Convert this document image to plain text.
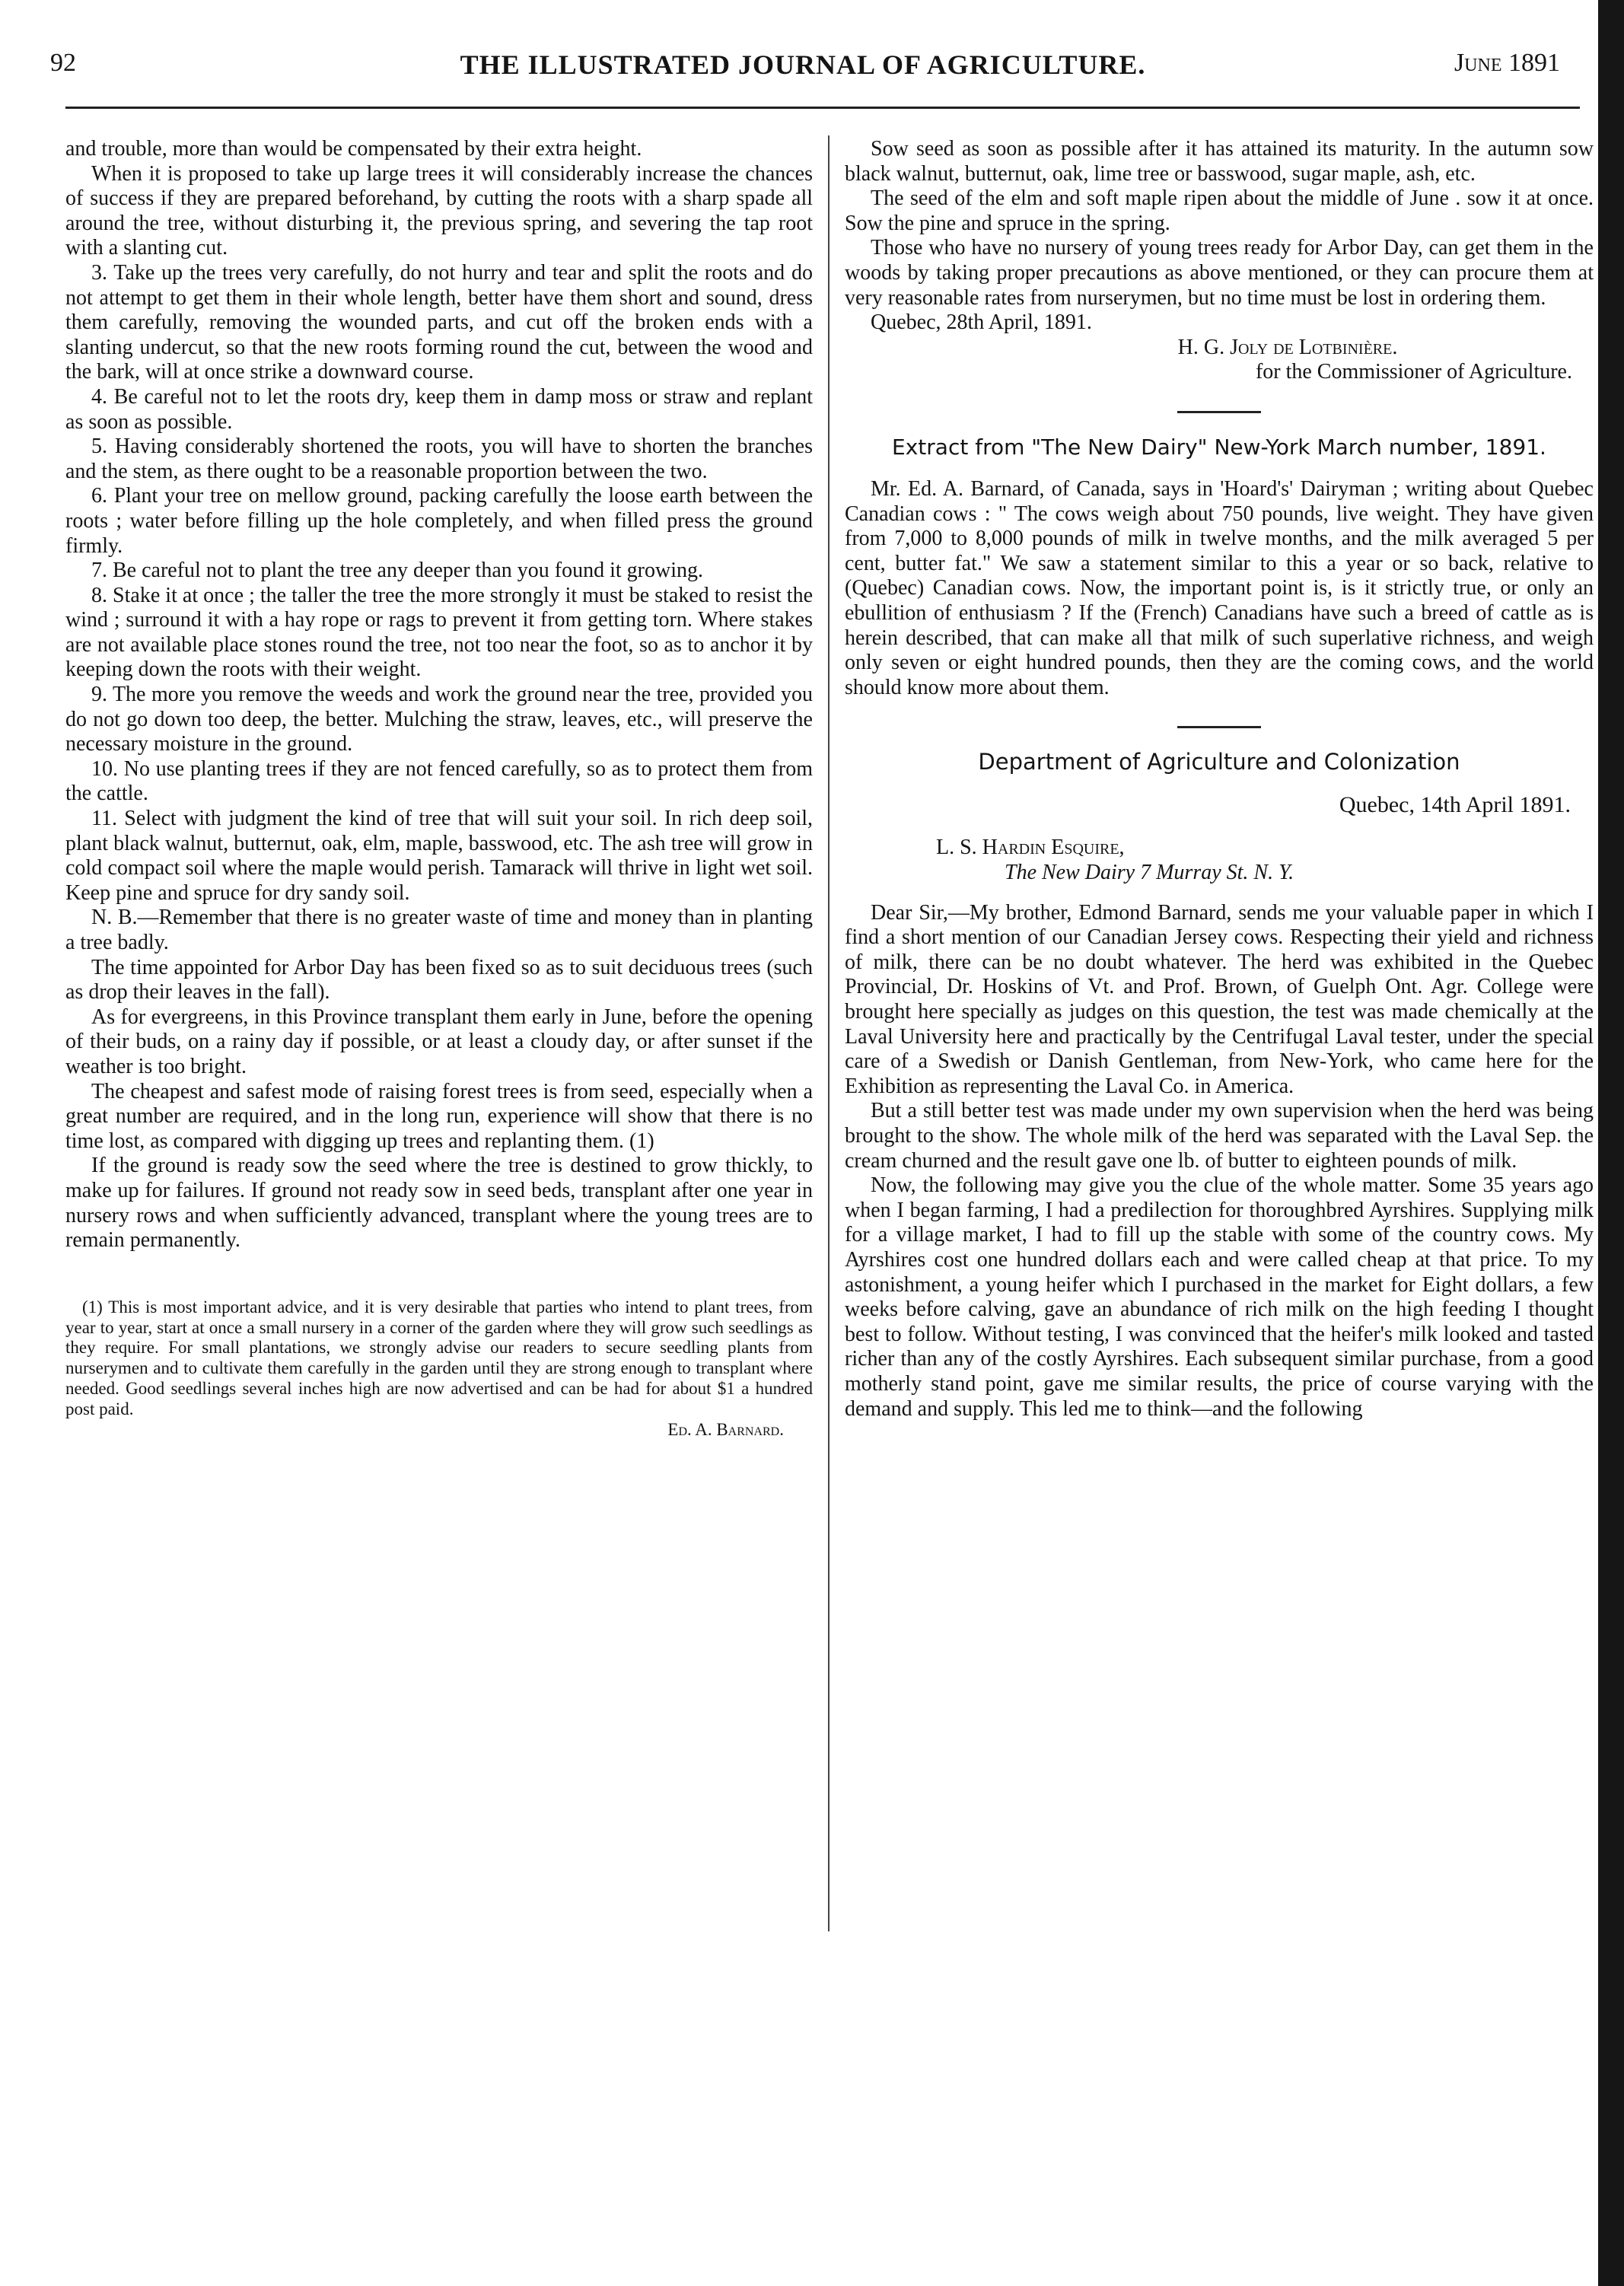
92	THE ILLUSTRATED JOURNAL OF AGRICULTURE.	June 1891

and trouble, more than would be compensated by their extra height.

When it is proposed to take up large trees it will considerably increase the chances of success if they are prepared beforehand, by cutting the roots with a sharp spade all around the tree, without disturbing it, the previous spring, and severing the tap root with a slanting cut.

3. Take up the trees very carefully, do not hurry and tear and split the roots and do not attempt to get them in their whole length, better have them short and sound, dress them carefully, removing the wounded parts, and cut off the broken ends with a slanting undercut, so that the new roots forming round the cut, between the wood and the bark, will at once strike a downward course.

4. Be careful not to let the roots dry, keep them in damp moss or straw and replant as soon as possible.

5. Having considerably shortened the roots, you will have to shorten the branches and the stem, as there ought to be a reasonable proportion between the two.

6. Plant your tree on mellow ground, packing carefully the loose earth between the roots ; water before filling up the hole completely, and when filled press the ground firmly.

7. Be careful not to plant the tree any deeper than you found it growing.

8. Stake it at once ; the taller the tree the more strongly it must be staked to resist the wind ; surround it with a hay rope or rags to prevent it from getting torn. Where stakes are not available place stones round the tree, not too near the foot, so as to anchor it by keeping down the roots with their weight.

9. The more you remove the weeds and work the ground near the tree, provided you do not go down too deep, the better. Mulching the straw, leaves, etc., will preserve the necessary moisture in the ground.

10. No use planting trees if they are not fenced carefully, so as to protect them from the cattle.

11. Select with judgment the kind of tree that will suit your soil. In rich deep soil, plant black walnut, butternut, oak, elm, maple, basswood, etc. The ash tree will grow in cold compact soil where the maple would perish. Tamarack will thrive in light wet soil. Keep pine and spruce for dry sandy soil.

N. B.—Remember that there is no greater waste of time and money than in planting a tree badly.

The time appointed for Arbor Day has been fixed so as to suit deciduous trees (such as drop their leaves in the fall).

As for evergreens, in this Province transplant them early in June, before the opening of their buds, on a rainy day if possible, or at least a cloudy day, or after sunset if the weather is too bright.

The cheapest and safest mode of raising forest trees is from seed, especially when a great number are required, and in the long run, experience will show that there is no time lost, as compared with digging up trees and replanting them. (1)

If the ground is ready sow the seed where the tree is destined to grow thickly, to make up for failures. If ground not ready sow in seed beds, transplant after one year in nursery rows and when sufficiently advanced, transplant where the young trees are to remain permanently.

(1) This is most important advice, and it is very desirable that parties who intend to plant trees, from year to year, start at once a small nursery in a corner of the garden where they will grow such seedlings as they require. For small plantations, we strongly advise our readers to secure seedling plants from nurserymen and to cultivate them carefully in the garden until they are strong enough to transplant where needed. Good seedlings several inches high are now advertised and can be had for about $1 a hundred post paid.

Ed. A. Barnard.

Sow seed as soon as possible after it has attained its maturity. In the autumn sow black walnut, butternut, oak, lime tree or basswood, sugar maple, ash, etc.

The seed of the elm and soft maple ripen about the middle of June . sow it at once. Sow the pine and spruce in the spring.

Those who have no nursery of young trees ready for Arbor Day, can get them in the woods by taking proper precautions as above mentioned, or they can procure them at very reasonable rates from nurserymen, but no time must be lost in ordering them.

Quebec, 28th April, 1891.

H. G. Joly de Lotbinière.
for the Commissioner of Agriculture.
Extract from "The New Dairy" New-York March number, 1891.

Mr. Ed. A. Barnard, of Canada, says in 'Hoard's' Dairyman ; writing about Quebec Canadian cows : " The cows weigh about 750 pounds, live weight. They have given from 7,000 to 8,000 pounds of milk in twelve months, and the milk averaged 5 per cent, butter fat." We saw a statement similar to this a year or so back, relative to (Quebec) Canadian cows. Now, the important point is, is it strictly true, or only an ebullition of enthusiasm ? If the (French) Canadians have such a breed of cattle as is herein described, that can make all that milk of such superlative richness, and weigh only seven or eight hundred pounds, then they are the coming cows, and the world should know more about them.

Department of Agriculture and Colonization
Quebec, 14th April 1891.
L. S. Hardin Esquire,
The New Dairy 7 Murray St. N. Y.

Dear Sir,—My brother, Edmond Barnard, sends me your valuable paper in which I find a short mention of our Canadian Jersey cows. Respecting their yield and richness of milk, there can be no doubt whatever. The herd was exhibited in the Quebec Provincial, Dr. Hoskins of Vt. and Prof. Brown, of Guelph Ont. Agr. College were brought here specially as judges on this question, the test was made chemically at the Laval University here and practically by the Centrifugal Laval tester, under the special care of a Swedish or Danish Gentleman, from New-York, who came here for the Exhibition as representing the Laval Co. in America.

But a still better test was made under my own supervision when the herd was being brought to the show. The whole milk of the herd was separated with the Laval Sep. the cream churned and the result gave one lb. of butter to eighteen pounds of milk.

Now, the following may give you the clue of the whole matter. Some 35 years ago when I began farming, I had a predilection for thoroughbred Ayrshires. Supplying milk for a village market, I had to fill up the stable with some of the country cows. My Ayrshires cost one hundred dollars each and were called cheap at that price. To my astonishment, a young heifer which I purchased in the market for Eight dollars, a few weeks before calving, gave an abundance of rich milk on the high feeding I thought best to follow. Without testing, I was convinced that the heifer's milk looked and tasted richer than any of the costly Ayrshires. Each subsequent similar purchase, from a good motherly stand point, gave me similar results, the price of course varying with the demand and supply. This led me to think—and the following
